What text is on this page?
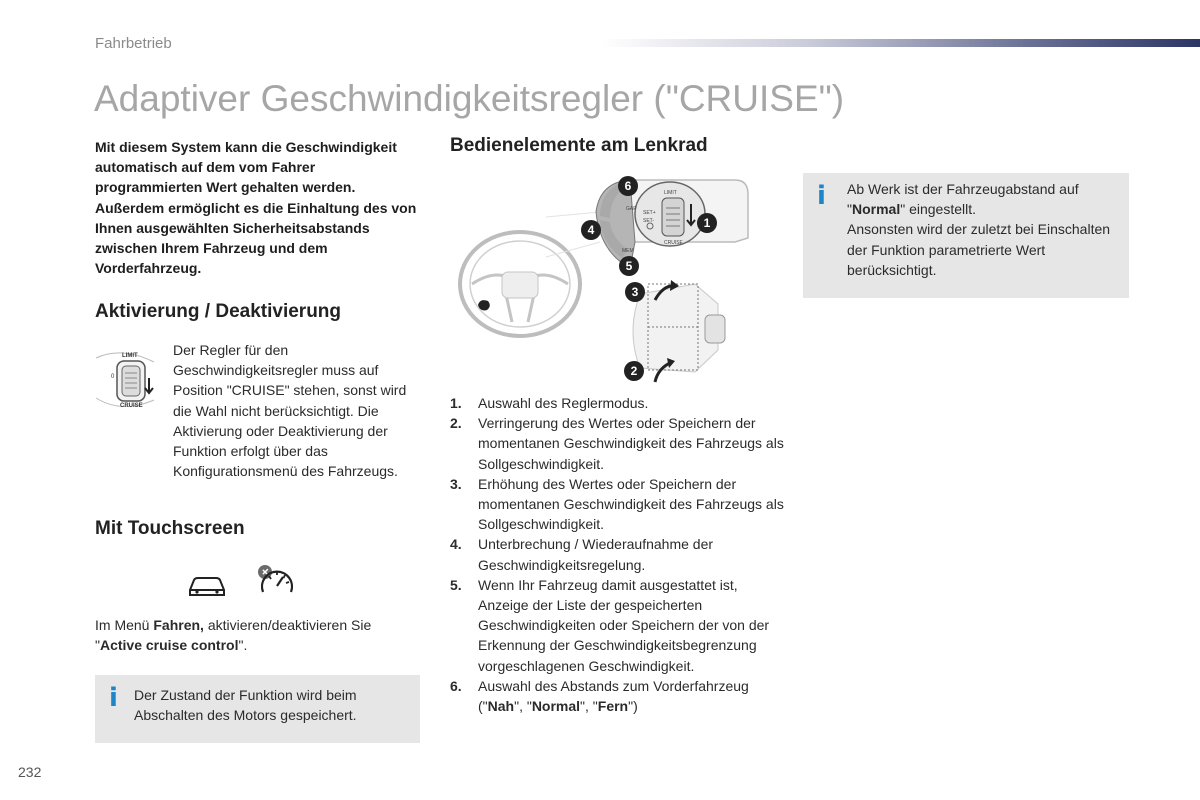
Fahrbetrieb
Adaptiver Geschwindigkeitsregler ("CRUISE")
Mit diesem System kann die Geschwindigkeit automatisch auf dem vom Fahrer programmierten Wert gehalten werden. Außerdem ermöglicht es die Einhaltung des von Ihnen ausgewählten Sicherheitsabstands zwischen Ihrem Fahrzeug und dem Vorderfahrzeug.
Aktivierung / Deaktivierung
LIMIT
0
CRUISE
Der Regler für den Geschwindigkeitsregler muss auf Position "CRUISE" stehen, sonst wird die Wahl nicht berücksichtigt. Die Aktivierung oder Deaktivierung der Funktion erfolgt über das Konfigurationsmenü des Fahrzeugs.
Mit Touchscreen
Im Menü Fahren, aktivieren/deaktivieren Sie "Active cruise control".
i Der Zustand der Funktion wird beim Abschalten des Motors gespeichert.
Bedienelemente am Lenkrad
GAP
SET+
SET-
MEM
LIMIT
CRUISE
1
2
3
4
5
6
1. Auswahl des Reglermodus.
2. Verringerung des Wertes oder Speichern der momentanen Geschwindigkeit des Fahrzeugs als Sollgeschwindigkeit.
3. Erhöhung des Wertes oder Speichern der momentanen Geschwindigkeit des Fahrzeugs als Sollgeschwindigkeit.
4. Unterbrechung / Wiederaufnahme der Geschwindigkeitsregelung.
5. Wenn Ihr Fahrzeug damit ausgestattet ist, Anzeige der Liste der gespeicherten Geschwindigkeiten oder Speichern der von der Erkennung der Geschwindigkeitsbegrenzung vorgeschlagenen Geschwindigkeit.
6. Auswahl des Abstands zum Vorderfahrzeug ("Nah", "Normal", "Fern")
i Ab Werk ist der Fahrzeugabstand auf "Normal" eingestellt.
Ansonsten wird der zuletzt bei Einschalten der Funktion parametrierte Wert berücksichtigt.
232
